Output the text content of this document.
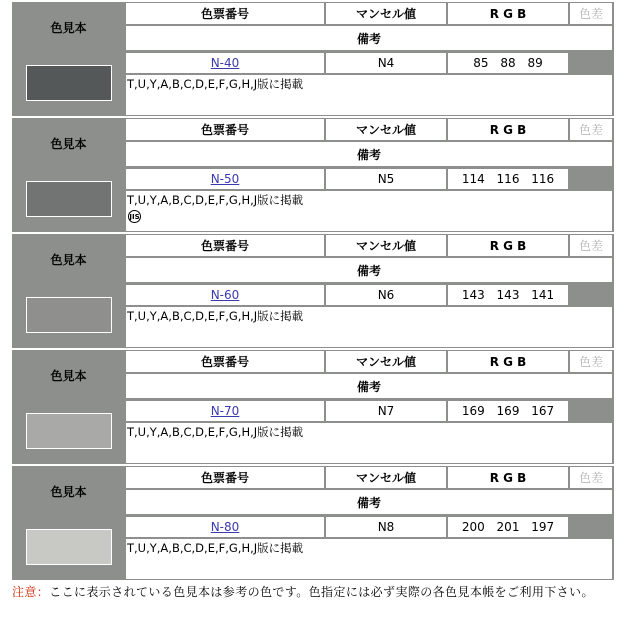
色見本
色票番号	マンセル値	R G B	色差
備考
N-40	N4	85 88 89
T,U,Y,A,B,C,D,E,F,G,H,J版に掲載
色見本
色票番号	マンセル値	R G B	色差
備考
N-50	N5	114 116 116
T,U,Y,A,B,C,D,E,F,G,H,J版に掲載
JIS
色見本
色票番号	マンセル値	R G B	色差
備考
N-60	N6	143 143 141
T,U,Y,A,B,C,D,E,F,G,H,J版に掲載
色見本
色票番号	マンセル値	R G B	色差
備考
N-70	N7	169 169 167
T,U,Y,A,B,C,D,E,F,G,H,J版に掲載
色見本
色票番号	マンセル値	R G B	色差
備考
N-80	N8	200 201 197
T,U,Y,A,B,C,D,E,F,G,H,J版に掲載
注意：ここに表示されている色見本は参考の色です。色指定には必ず実際の各色見本帳をご利用下さい。
